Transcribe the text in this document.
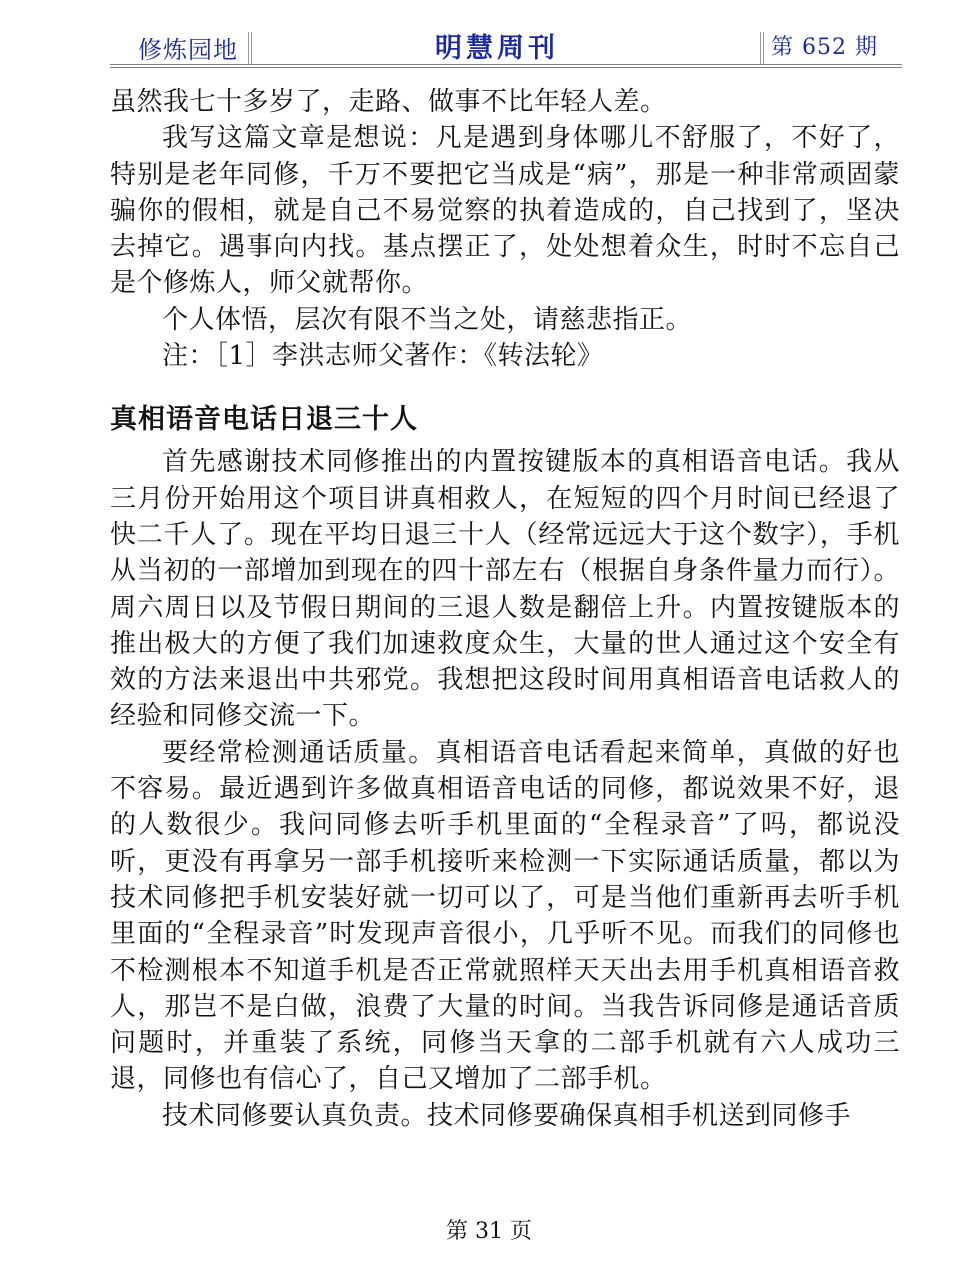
修炼园地	明慧周刊	第 652 期

虽然我七十多岁了，走路、做事不比年轻人差。

我写这篇文章是想说：凡是遇到身体哪儿不舒服了，不好了，特别是老年同修，千万不要把它当成是“病”，那是一种非常顽固蒙骗你的假相，就是自己不易觉察的执着造成的，自己找到了，坚决去掉它。遇事向内找。基点摆正了，处处想着众生，时时不忘自己是个修炼人，师父就帮你。

个人体悟，层次有限不当之处，请慈悲指正。

注：［1］李洪志师父著作：《转法轮》

真相语音电话日退三十人

首先感谢技术同修推出的内置按键版本的真相语音电话。我从三月份开始用这个项目讲真相救人，在短短的四个月时间已经退了快二千人了。现在平均日退三十人（经常远远大于这个数字），手机从当初的一部增加到现在的四十部左右（根据自身条件量力而行）。周六周日以及节假日期间的三退人数是翻倍上升。内置按键版本的推出极大的方便了我们加速救度众生，大量的世人通过这个安全有效的方法来退出中共邪党。我想把这段时间用真相语音电话救人的经验和同修交流一下。

要经常检测通话质量。真相语音电话看起来简单，真做的好也不容易。最近遇到许多做真相语音电话的同修，都说效果不好，退的人数很少。我问同修去听手机里面的“全程录音”了吗，都说没听，更没有再拿另一部手机接听来检测一下实际通话质量，都以为技术同修把手机安装好就一切可以了，可是当他们重新再去听手机里面的“全程录音”时发现声音很小，几乎听不见。而我们的同修也不检测根本不知道手机是否正常就照样天天出去用手机真相语音救人，那岂不是白做，浪费了大量的时间。当我告诉同修是通话音质问题时，并重装了系统，同修当天拿的二部手机就有六人成功三退，同修也有信心了，自己又增加了二部手机。

技术同修要认真负责。技术同修要确保真相手机送到同修手

第 31 页
